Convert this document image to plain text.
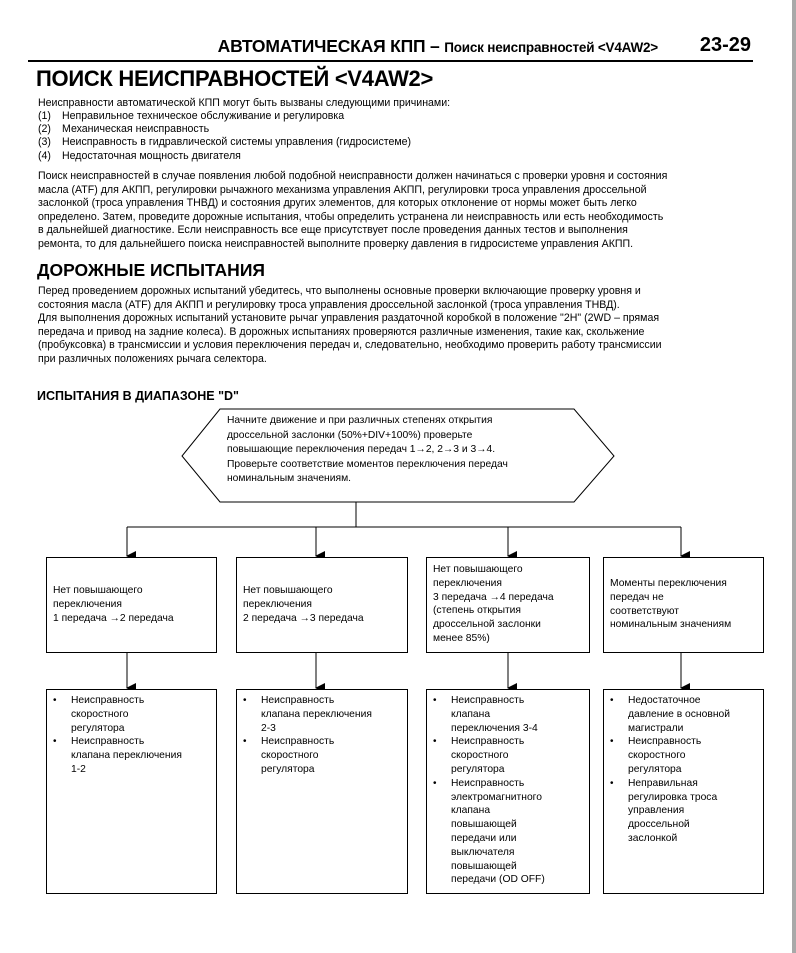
АВТОМАТИЧЕСКАЯ КПП – Поиск неисправностей <V4AW2> 23-29
ПОИСК НЕИСПРАВНОСТЕЙ <V4AW2>
Неисправности автоматической КПП могут быть вызваны следующими причинами:
(1) Неправильное техническое обслуживание и регулировка
(2) Механическая неисправность
(3) Неисправность в гидравлической системы управления (гидросистеме)
(4) Недостаточная мощность двигателя
Поиск неисправностей в случае появления любой подобной неисправности должен начинаться с проверки уровня и состояния
масла (ATF) для АКПП, регулировки рычажного механизма управления АКПП, регулировки троса управления дроссельной
заслонкой (троса управления ТНВД) и состояния других элементов, для которых отклонение от нормы может быть легко
определено. Затем, проведите дорожные испытания, чтобы определить устранена ли неисправность или есть необходимость
в дальнейшей диагностике. Если неисправность все еще присутствует после проведения данных тестов и выполнения
ремонта, то для дальнейшего поиска неисправностей выполните проверку давления в гидросистеме управления АКПП.
ДОРОЖНЫЕ ИСПЫТАНИЯ
Перед проведением дорожных испытаний убедитесь, что выполнены основные проверки включающие проверку уровня и
состояния масла (ATF) для АКПП и регулировку троса управления дроссельной заслонкой (троса управления ТНВД).
Для выполнения дорожных испытаний установите рычаг управления раздаточной коробкой в положение "2H" (2WD – прямая
передача и привод на задние колеса). В дорожных испытаниях проверяются различные изменения, такие как, скольжение
(пробуксовка) в трансмиссии и условия переключения передач и, следовательно, необходимо проверить работу трансмиссии
при различных положениях рычага селектора.
ИСПЫТАНИЯ В ДИАПАЗОНЕ "D"
Начните движение и при различных степенях открытия
дроссельной заслонки (50%+DIV+100%) проверьте
повышающие переключения передач 1→2, 2→3 и 3→4.
Проверьте соответствие моментов переключения передач
номинальным значениям.
Нет повышающего
переключения
1 передача →2 передача
Нет повышающего
переключения
2 передача →3 передача
Нет повышающего
переключения
3 передача →4 передача
(степень открытия
дроссельной заслонки
менее 85%)
Моменты переключения
передач не
соответствуют
номинальным значениям
• Неисправность
скоростного
регулятора
• Неисправность
клапана переключения
1-2
• Неисправность
клапана переключения
2-3
• Неисправность
скоростного
регулятора
• Неисправность
клапана
переключения 3-4
• Неисправность
скоростного
регулятора
• Неисправность
электромагнитного
клапана
повышающей
передачи или
выключателя
повышающей
передачи (OD OFF)
• Недостаточное
давление в основной
магистрали
• Неисправность
скоростного
регулятора
• Неправильная
регулировка троса
управления
дроссельной
заслонкой
